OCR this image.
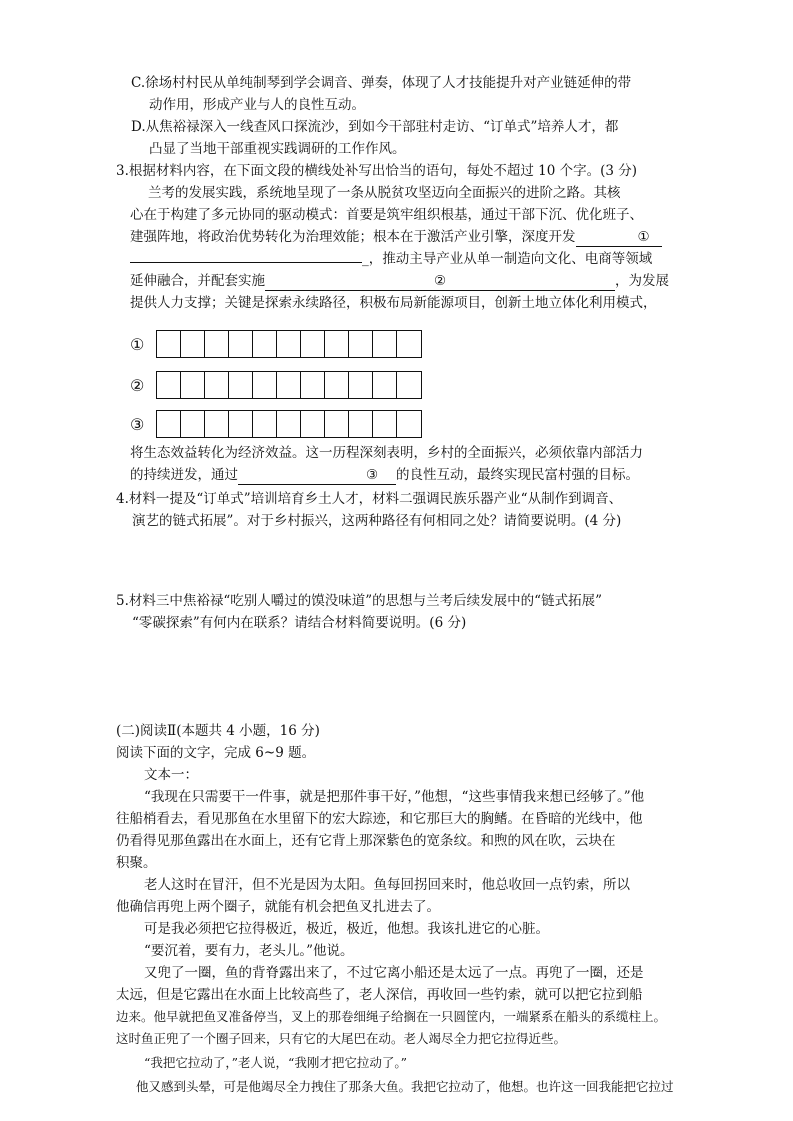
C.徐场村村民从单纯制琴到学会调音、弹奏，体现了人才技能提升对产业链延伸的带
动作用，形成产业与人的良性互动。
D.从焦裕禄深入一线查风口探流沙，到如今干部驻村走访、“订单式”培养人才，都
凸显了当地干部重视实践调研的工作作风。
3.根据材料内容，在下面文段的横线处补写出恰当的语句，每处不超过 10 个字。(3 分)
兰考的发展实践，系统地呈现了一条从脱贫攻坚迈向全面振兴的进阶之路。其核
心在于构建了多元协同的驱动模式：首要是筑牢组织根基，通过干部下沉、优化班子、
建强阵地，将政治优势转化为治理效能；根本在于激活产业引擎，深度开发	①
_，推动主导产业从单一制造向文化、电商等领域
延伸融合，并配套实施	②	，为发展
提供人力支撑；关键是探索永续路径，积极布局新能源项目，创新土地立体化利用模式，
①
②
③
将生态效益转化为经济效益。这一历程深刻表明，乡村的全面振兴，必须依靠内部活力
的持续迸发，通过	③ 的良性互动，最终实现民富村强的目标。
4.材料一提及“订单式”培训培育乡土人才，材料二强调民族乐器产业“从制作到调音、
演艺的链式拓展”。对于乡村振兴，这两种路径有何相同之处？请简要说明。(4 分)
5.材料三中焦裕禄“吃别人嚼过的馍没味道”的思想与兰考后续发展中的“链式拓展”
“零碳探索”有何内在联系？请结合材料简要说明。(6 分)
(二)阅读Ⅱ(本题共 4 小题，16 分)
阅读下面的文字，完成 6~9 题。
文本一：
“我现在只需要干一件事，就是把那件事干好，”他想，“这些事情我来想已经够了。”他
往船梢看去，看见那鱼在水里留下的宏大踪迹，和它那巨大的胸鳍。在昏暗的光线中，他
仍看得见那鱼露出在水面上，还有它背上那深紫色的宽条纹。和煦的风在吹，云块在
积聚。
老人这时在冒汗，但不光是因为太阳。鱼每回拐回来时，他总收回一点钓索，所以
他确信再兜上两个圈子，就能有机会把鱼叉扎进去了。
可是我必须把它拉得极近，极近，极近，他想。我该扎进它的心脏。
“要沉着，要有力，老头儿。”他说。
又兜了一圈，鱼的背脊露出来了，不过它离小船还是太远了一点。再兜了一圈，还是
太远，但是它露出在水面上比较高些了，老人深信，再收回一些钓索，就可以把它拉到船
边来。他早就把鱼叉准备停当，叉上的那卷细绳子给搁在一只圆筐内，一端紧系在船头的系缆柱上。
这时鱼正兜了一个圈子回来，只有它的大尾巴在动。老人竭尽全力把它拉得近些。
“我把它拉动了，”老人说，“我刚才把它拉动了。”
他又感到头晕，可是他竭尽全力拽住了那条大鱼。我把它拉动了，他想。也许这一回我能把它拉过
